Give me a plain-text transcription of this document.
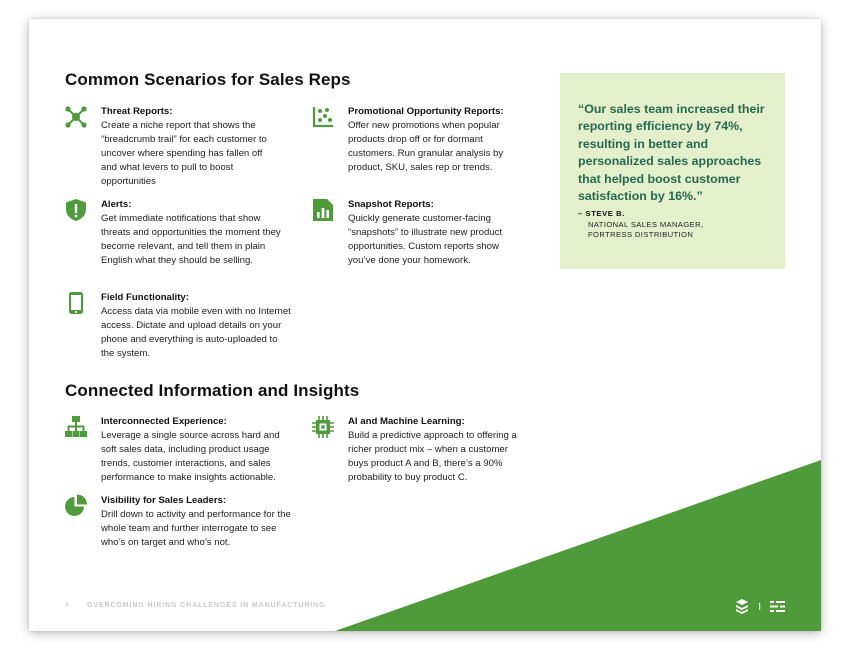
Common Scenarios for Sales Reps
Threat Reports:
Create a niche report that shows the “breadcrumb trail” for each customer to uncover where spending has fallen off and what levers to pull to boost opportunities
Promotional Opportunity Reports:
Offer new promotions when popular products drop off or for dormant customers. Run granular analysis by product, SKU, sales rep or trends.
Alerts:
Get immediate notifications that show threats and opportunities the moment they become relevant, and tell them in plain English what they should be selling.
Snapshot Reports:
Quickly generate customer-facing “snapshots” to illustrate new product opportunities. Custom reports show you’ve done your homework.
Field Functionality:
Access data via mobile even with no Internet access. Dictate and upload details on your phone and everything is auto-uploaded to the system.
Connected Information and Insights
Interconnected Experience:
Leverage a single source across hard and soft sales data, including product usage trends, customer interactions, and sales performance to make insights actionable.
AI and Machine Learning:
Build a predictive approach to offering a richer product mix – when a customer buys product A and B, there’s a 90% probability to buy product C.
Visibility for Sales Leaders:
Drill down to activity and performance for the whole team and further interrogate to see who’s on target and who’s not.
“Our sales team increased their reporting efficiency by 74%, resulting in better and personalized sales approaches that helped boost customer satisfaction by 16%.”
– STEVE B.
NATIONAL SALES MANAGER,
FORTRESS DISTRIBUTION
4 OVERCOMING HIRING CHALLENGES IN MANUFACTURING
